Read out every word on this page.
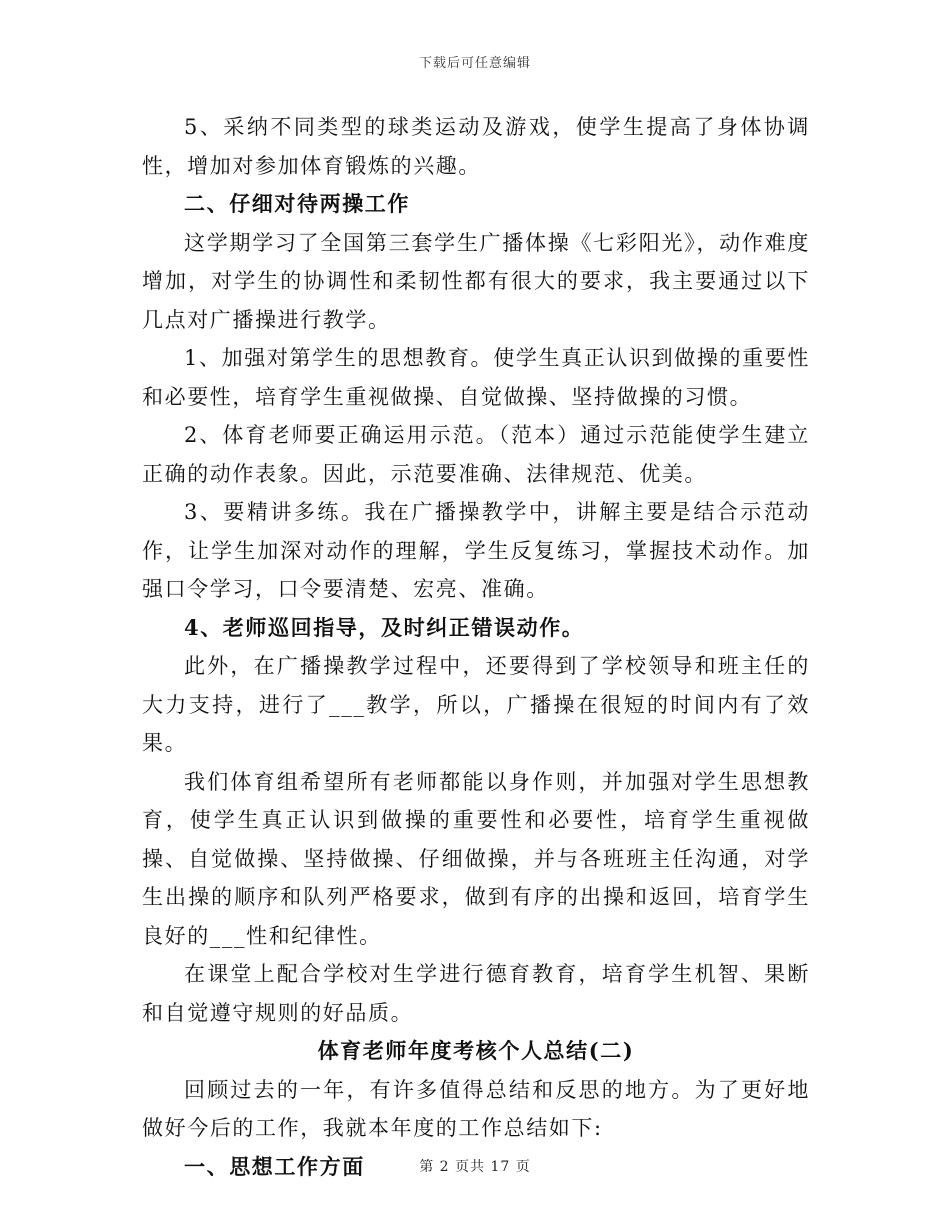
下载后可任意编辑

5、采纳不同类型的球类运动及游戏，使学生提高了身体协调性，增加对参加体育锻炼的兴趣。

二、仔细对待两操工作

这学期学习了全国第三套学生广播体操《七彩阳光》，动作难度增加，对学生的协调性和柔韧性都有很大的要求，我主要通过以下几点对广播操进行教学。

1、加强对第学生的思想教育。使学生真正认识到做操的重要性和必要性，培育学生重视做操、自觉做操、坚持做操的习惯。

2、体育老师要正确运用示范。（范本）通过示范能使学生建立正确的动作表象。因此，示范要准确、法律规范、优美。

3、要精讲多练。我在广播操教学中，讲解主要是结合示范动作，让学生加深对动作的理解，学生反复练习，掌握技术动作。加强口令学习，口令要清楚、宏亮、准确。

4、老师巡回指导，及时纠正错误动作。

此外，在广播操教学过程中，还要得到了学校领导和班主任的大力支持，进行了___教学，所以，广播操在很短的时间内有了效果。

我们体育组希望所有老师都能以身作则，并加强对学生思想教育，使学生真正认识到做操的重要性和必要性，培育学生重视做操、自觉做操、坚持做操、仔细做操，并与各班班主任沟通，对学生出操的顺序和队列严格要求，做到有序的出操和返回，培育学生良好的___性和纪律性。

在课堂上配合学校对生学进行德育教育，培育学生机智、果断和自觉遵守规则的好品质。

体育老师年度考核个人总结(二)

回顾过去的一年，有许多值得总结和反思的地方。为了更好地做好今后的工作，我就本年度的工作总结如下:

一、思想工作方面	第 2 页共 17 页
